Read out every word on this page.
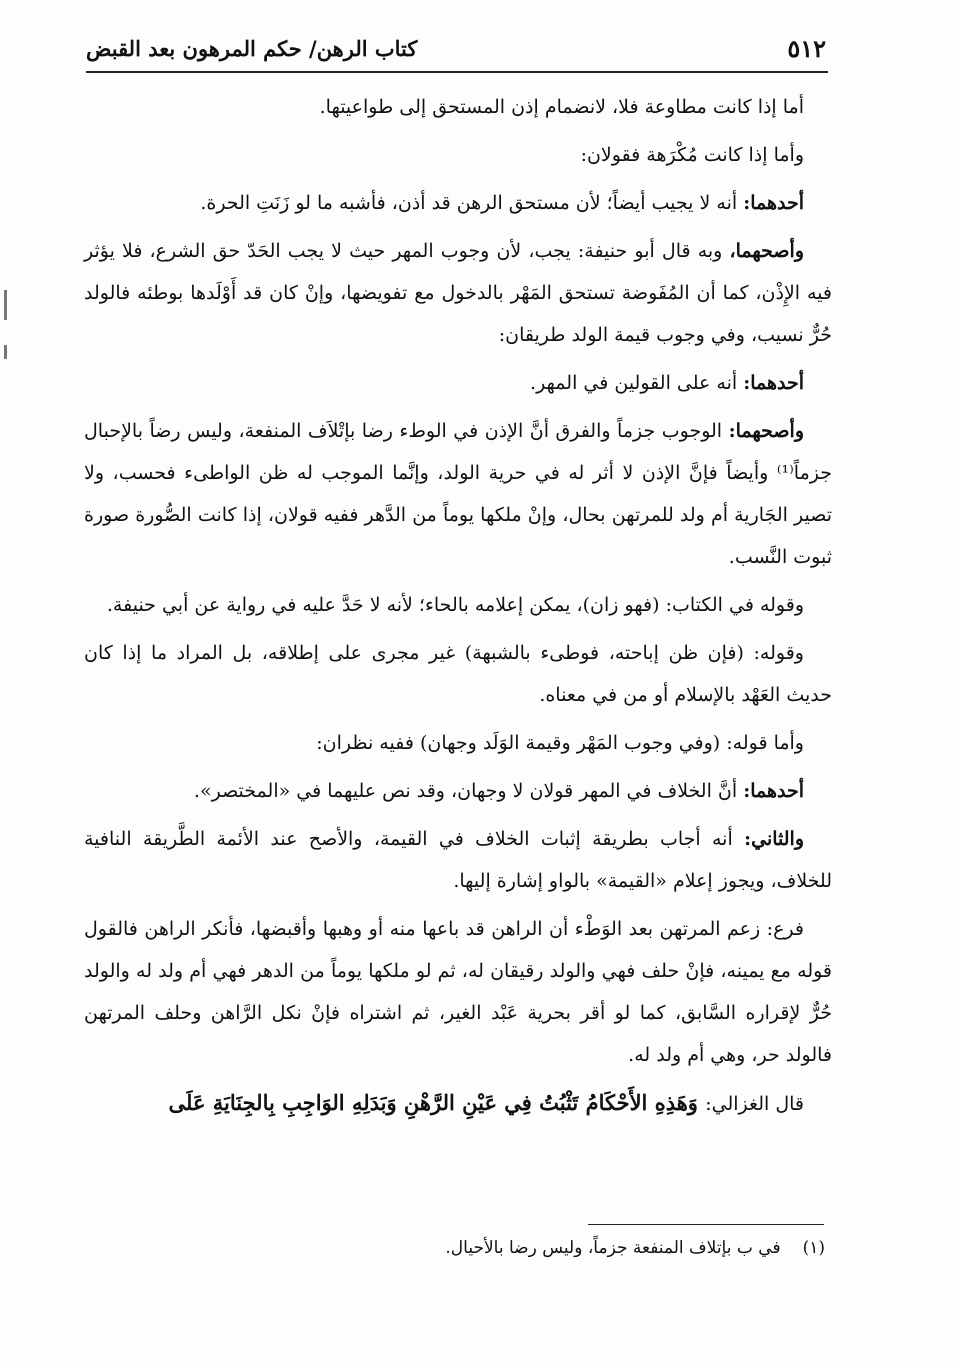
٥١٢
كتاب الرهن/ حكم المرهون بعد القبض

أما إذا كانت مطاوعة فلا، لانضمام إذن المستحق إلى طواعيتها.

وأما إذا كانت مُكْرَهة فقولان:

أحدهما: أنه لا يجيب أيضاً؛ لأن مستحق الرهن قد أذن، فأشبه ما لو زَنَتِ الحرة.

وأصحهما، وبه قال أبو حنيفة: يجب، لأن وجوب المهر حيث لا يجب الحَدّ حق الشرع، فلا يؤثر فيه الإِذْن، كما أن المُفَوضة تستحق المَهْر بالدخول مع تفويضها، وإنْ كان قد أَوْلَدها بوطئه فالولد حُرٌّ نسيب، وفي وجوب قيمة الولد طريقان:

أحدهما: أنه على القولين في المهر.

وأصحهما: الوجوب جزماً والفرق أنَّ الإذن في الوطء رضا بإتْلاَف المنفعة، وليس رضاً بالإحبال جزماً⁽¹⁾ وأيضاً فإنَّ الإذن لا أثر له في حرية الولد، وإنَّما الموجب له ظن الواطىء فحسب، ولا تصير الجَارية أم ولد للمرتهن بحال، وإنْ ملكها يوماً من الدَّهر ففيه قولان، إذا كانت الصُّورة صورة ثبوت النَّسب.

وقوله في الكتاب: (فهو زان)، يمكن إعلامه بالحاء؛ لأنه لا حَدَّ عليه في رواية عن أبي حنيفة.

وقوله: (فإن ظن إباحته، فوطىء بالشبهة) غير مجرى على إطلاقه، بل المراد ما إذا كان حديث العَهْد بالإسلام أو من في معناه.

وأما قوله: (وفي وجوب المَهْر وقيمة الوَلَد وجهان) ففيه نظران:

أحدهما: أنَّ الخلاف في المهر قولان لا وجهان، وقد نص عليهما في «المختصر».

والثاني: أنه أجاب بطريقة إثبات الخلاف في القيمة، والأصح عند الأئمة الطَّريقة النافية للخلاف، ويجوز إعلام «القيمة» بالواو إشارة إليها.

فرع: زعم المرتهن بعد الوَطْء أن الراهن قد باعها منه أو وهبها وأقبضها، فأنكر الراهن فالقول قوله مع يمينه، فإنْ حلف فهي والولد رقيقان له، ثم لو ملكها يوماً من الدهر فهي أم ولد له والولد حُرٌّ لإقراره السَّابق، كما لو أقر بحرية عَبْد الغير، ثم اشتراه فإنْ نكل الرَّاهن وحلف المرتهن فالولد حر، وهي أم ولد له.

قال الغزالي: وَهَذِهِ الأَحْكَامُ تَثْبُتُ فِي عَيْنِ الرَّهْنِ وَبَدَلِهِ الوَاجِبِ بِالجِنَايَةِ عَلَى

(١)في ب بإتلاف المنفعة جزماً، وليس رضا بالأحيال.
